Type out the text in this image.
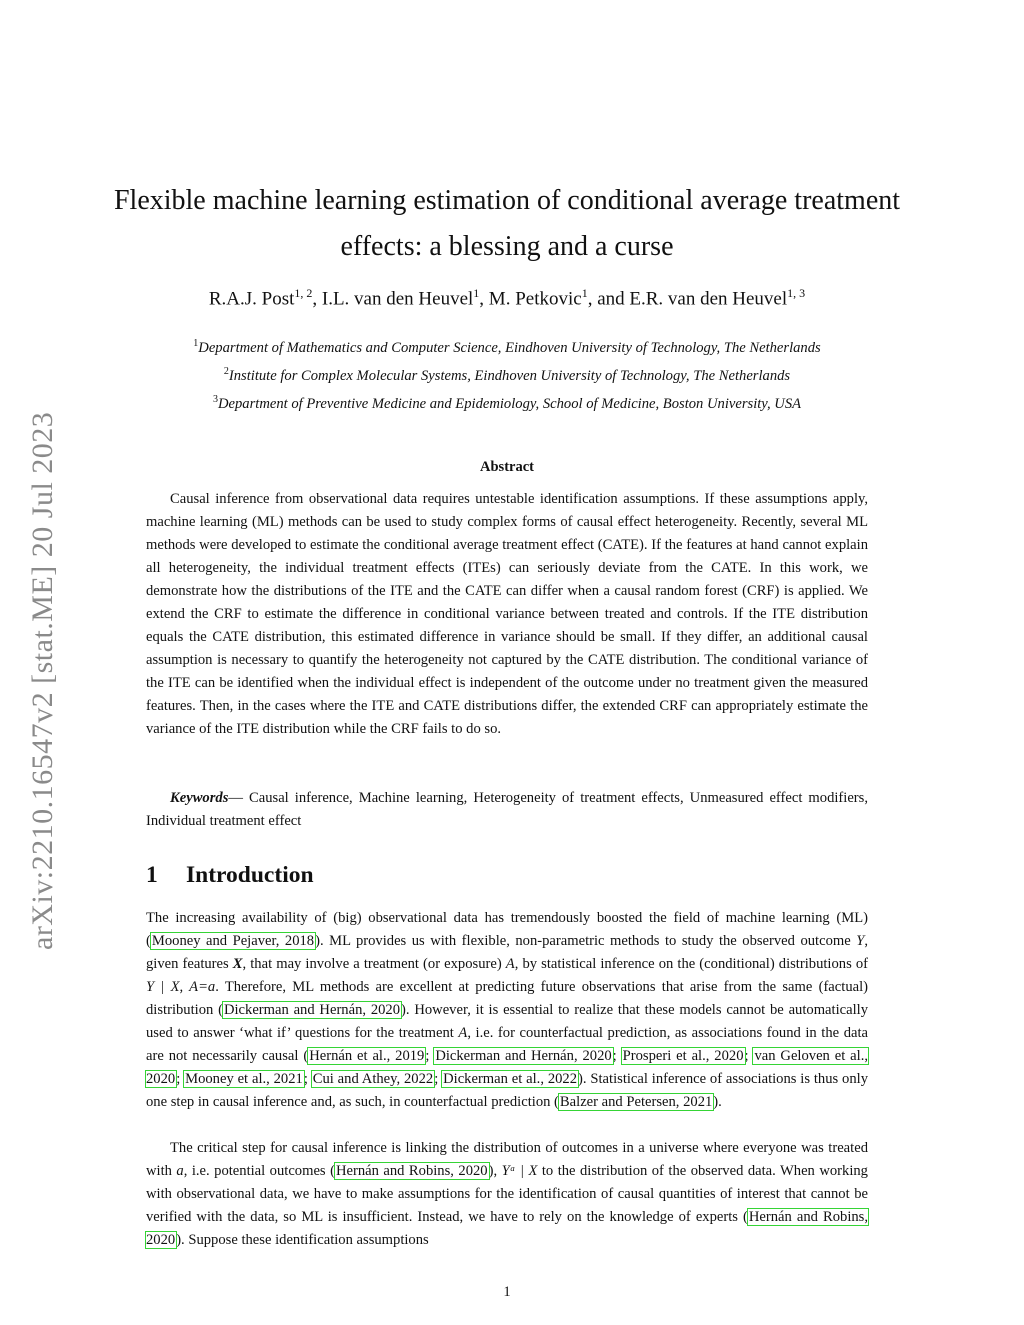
arXiv:2210.16547v2 [stat.ME] 20 Jul 2023
Flexible machine learning estimation of conditional average treatment
effects: a blessing and a curse
R.A.J. Post$^{1, 2}$, I.L. van den Heuvel$^1$, M. Petkovic$^1$, and E.R. van den Heuvel$^{1, 3}$
$^1$Department of Mathematics and Computer Science, Eindhoven University of Technology, The Netherlands
$^2$Institute for Complex Molecular Systems, Eindhoven University of Technology, The Netherlands
$^3$Department of Preventive Medicine and Epidemiology, School of Medicine, Boston University, USA
Abstract

Causal inference from observational data requires untestable identification assumptions. If these assumptions apply, machine learning (ML) methods can be used to study complex forms of causal effect heterogeneity. Recently, several ML methods were developed to estimate the conditional average treatment effect (CATE). If the features at hand cannot explain all heterogeneity, the individual treatment effects (ITEs) can seriously deviate from the CATE. In this work, we demonstrate how the distributions of the ITE and the CATE can differ when a causal random forest (CRF) is applied. We extend the CRF to estimate the difference in conditional variance between treated and controls. If the ITE distribution equals the CATE distribution, this estimated difference in variance should be small. If they differ, an additional causal assumption is necessary to quantify the heterogeneity not captured by the CATE distribution. The conditional variance of the ITE can be identified when the individual effect is independent of the outcome under no treatment given the measured features. Then, in the cases where the ITE and CATE distributions differ, the extended CRF can appropriately estimate the variance of the ITE distribution while the CRF fails to do so.

Keywords— Causal inference, Machine learning, Heterogeneity of treatment effects, Unmeasured effect modifiers, Individual treatment effect

1 Introduction

The increasing availability of (big) observational data has tremendously boosted the field of machine learning (ML) (Mooney and Pejaver, 2018). ML provides us with flexible, non-parametric methods to study the observed outcome Y, given features X, that may involve a treatment (or exposure) A, by statistical inference on the (conditional) distributions of Y | X, A=a. Therefore, ML methods are excellent at predicting future observations that arise from the same (factual) distribution (Dickerman and Hernán, 2020). However, it is essential to realize that these models cannot be automatically used to answer ‘what if’ questions for the treatment A, i.e. for counterfactual prediction, as associations found in the data are not necessarily causal (Hernán et al., 2019; Dickerman and Hernán, 2020; Prosperi et al., 2020; van Geloven et al., 2020; Mooney et al., 2021; Cui and Athey, 2022; Dickerman et al., 2022). Statistical inference of associations is thus only one step in causal inference and, as such, in counterfactual prediction (Balzer and Petersen, 2021).

The critical step for causal inference is linking the distribution of outcomes in a universe where everyone was treated with a, i.e. potential outcomes (Hernán and Robins, 2020), Yᵃ | X to the distribution of the observed data. When working with observational data, we have to make assumptions for the identification of causal quantities of interest that cannot be verified with the data, so ML is insufficient. Instead, we have to rely on the knowledge of experts (Hernán and Robins, 2020). Suppose these identification assumptions

1
